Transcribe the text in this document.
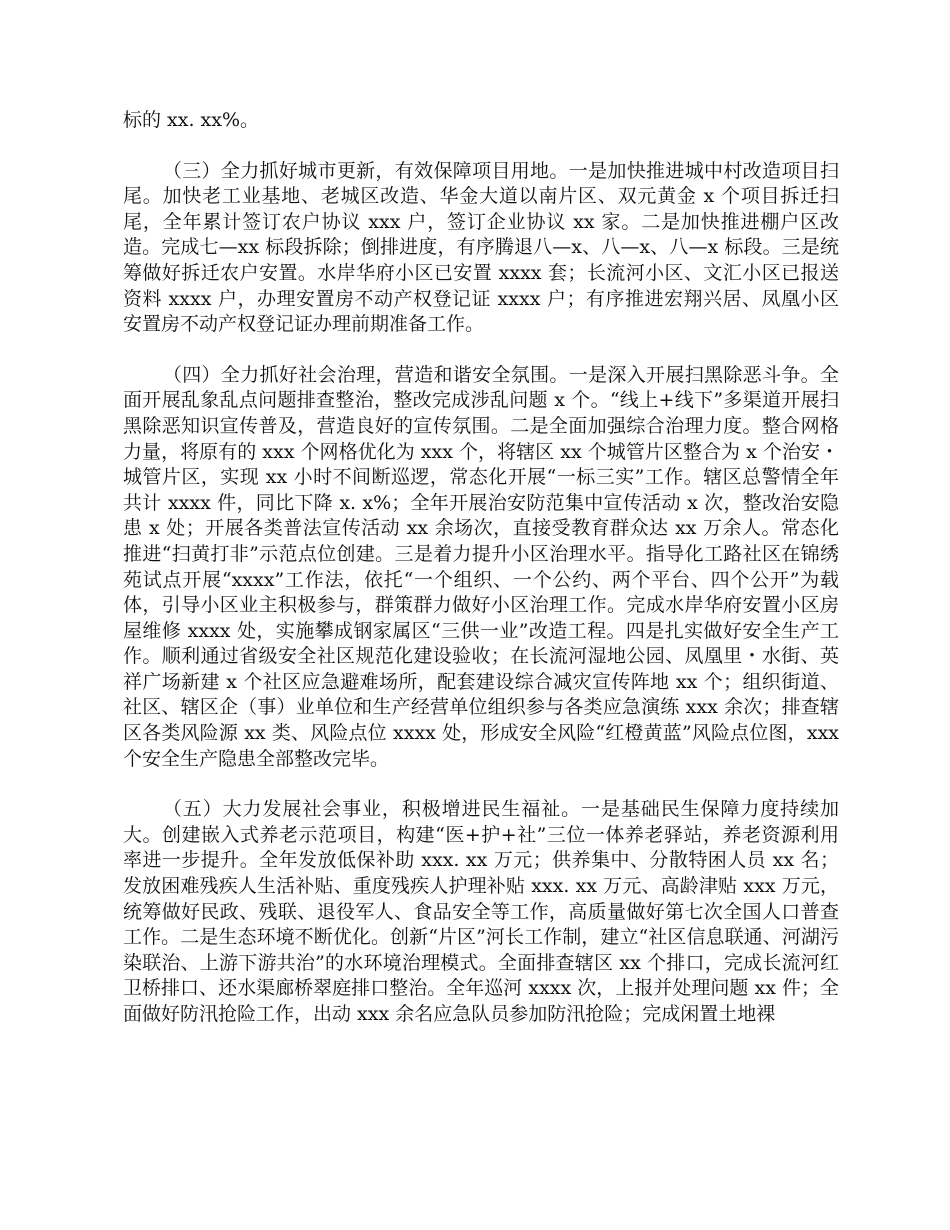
标的 xx. xx%。

（三）全力抓好城市更新，有效保障项目用地。一是加快推进城中村改造项目扫尾。加快老工业基地、老城区改造、华金大道以南片区、双元黄金 x 个项目拆迁扫尾，全年累计签订农户协议 xxx 户，签订企业协议 xx 家。二是加快推进棚户区改造。完成七—xx 标段拆除；倒排进度，有序腾退八—x、八—x、八—x 标段。三是统筹做好拆迁农户安置。水岸华府小区已安置 xxxx 套；长流河小区、文汇小区已报送资料 xxxx 户，办理安置房不动产权登记证 xxxx 户；有序推进宏翔兴居、凤凰小区安置房不动产权登记证办理前期准备工作。

（四）全力抓好社会治理，营造和谐安全氛围。一是深入开展扫黑除恶斗争。全面开展乱象乱点问题排查整治，整改完成涉乱问题 x 个。“线上+线下”多渠道开展扫黑除恶知识宣传普及，营造良好的宣传氛围。二是全面加强综合治理力度。整合网格力量，将原有的 xxx 个网格优化为 xxx 个，将辖区 xx 个城管片区整合为 x 个治安・城管片区，实现 xx 小时不间断巡逻，常态化开展“一标三实”工作。辖区总警情全年共计 xxxx 件，同比下降 x. x%；全年开展治安防范集中宣传活动 x 次，整改治安隐患 x 处；开展各类普法宣传活动 xx 余场次，直接受教育群众达 xx 万余人。常态化推进“扫黄打非”示范点位创建。三是着力提升小区治理水平。指导化工路社区在锦绣苑试点开展“xxxx”工作法，依托“一个组织、一个公约、两个平台、四个公开”为载体，引导小区业主积极参与，群策群力做好小区治理工作。完成水岸华府安置小区房屋维修 xxxx 处，实施攀成钢家属区“三供一业”改造工程。四是扎实做好安全生产工作。顺利通过省级安全社区规范化建设验收；在长流河湿地公园、凤凰里・水街、英祥广场新建 x 个社区应急避难场所，配套建设综合减灾宣传阵地 xx 个；组织街道、社区、辖区企（事）业单位和生产经营单位组织参与各类应急演练 xxx 余次；排查辖区各类风险源 xx 类、风险点位 xxxx 处，形成安全风险“红橙黄蓝”风险点位图，xxx 个安全生产隐患全部整改完毕。

（五）大力发展社会事业，积极增进民生福祉。一是基础民生保障力度持续加大。创建嵌入式养老示范项目，构建“医+护+社”三位一体养老驿站，养老资源利用率进一步提升。全年发放低保补助 xxx. xx 万元；供养集中、分散特困人员 xx 名；发放困难残疾人生活补贴、重度残疾人护理补贴 xxx. xx 万元、高龄津贴 xxx 万元，统筹做好民政、残联、退役军人、食品安全等工作，高质量做好第七次全国人口普查工作。二是生态环境不断优化。创新“片区”河长工作制，建立“社区信息联通、河湖污染联治、上游下游共治”的水环境治理模式。全面排查辖区 xx 个排口，完成长流河红卫桥排口、还水渠廊桥翠庭排口整治。全年巡河 xxxx 次，上报并处理问题 xx 件；全面做好防汛抢险工作，出动 xxx 余名应急队员参加防汛抢险；完成闲置土地裸
